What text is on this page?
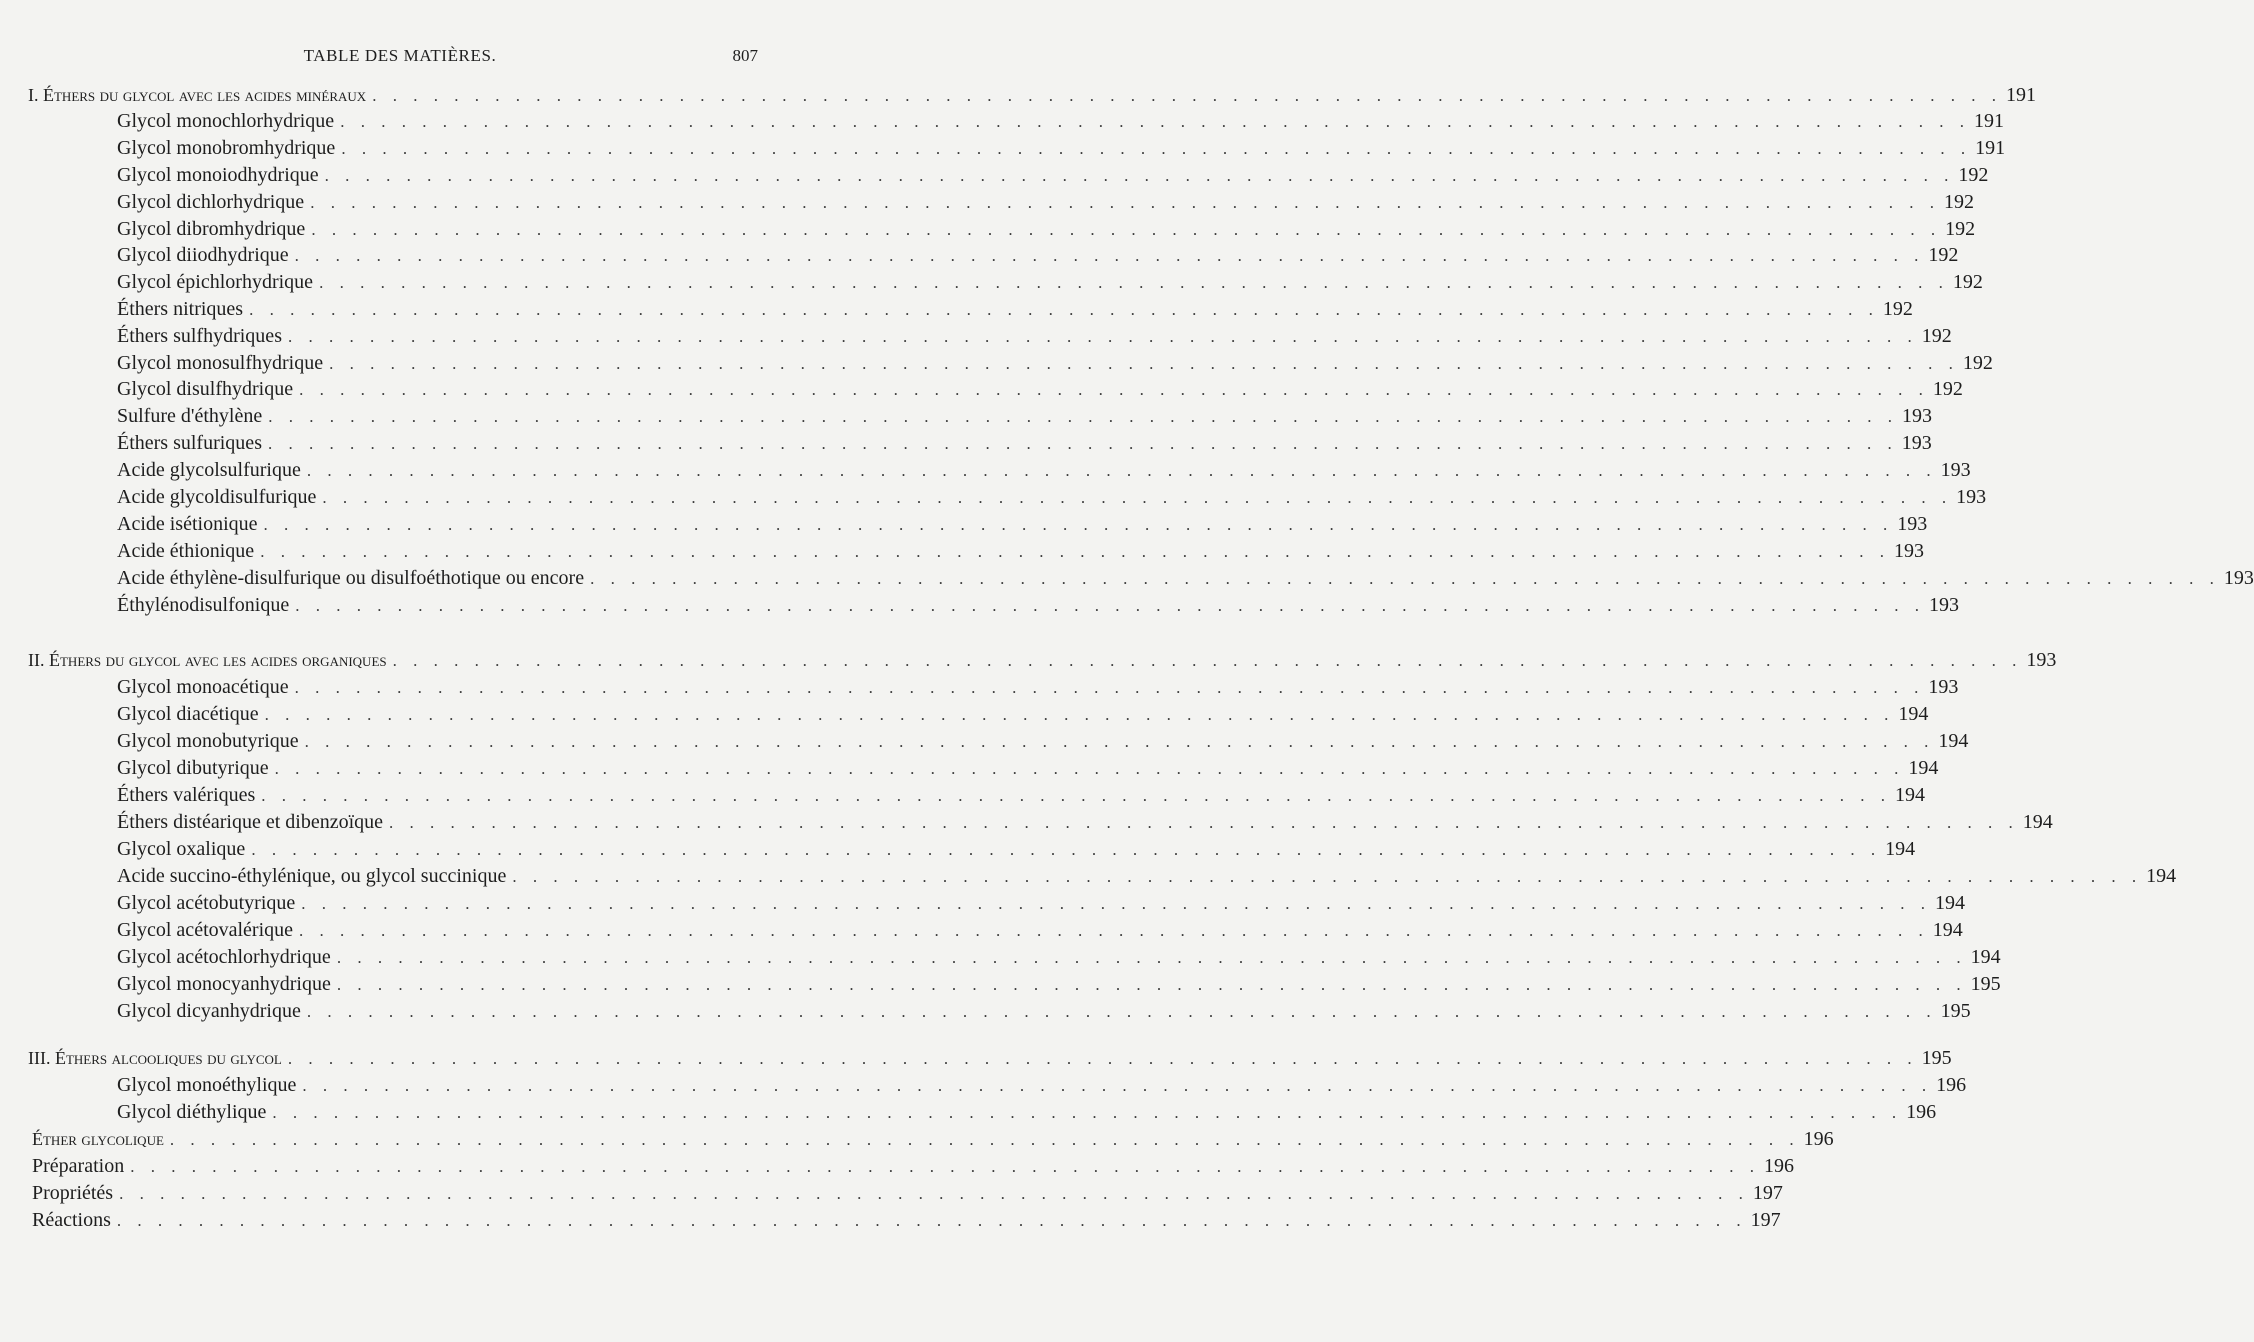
TABLE DES MATIÈRES.	807
I. Éthers du glycol avec les acides minéraux . . . . . . . . . . . . . . . . . . . . . . . . . . . . . . . . . . . . . . . . . . . . . . . . . . . . . . . . . . . . . . . . . . . . . . . . . . . . . . . . 191
Glycol monochlorhydrique . . . . . . . . . . . . . . . . . . . . . . . . . . . . . . . . . . . . . . . . . . . . . . . . . . . . . . . . . . . . . . . . . . . . . . . . . . . . . . . . 191
Glycol monobromhydrique . . . . . . . . . . . . . . . . . . . . . . . . . . . . . . . . . . . . . . . . . . . . . . . . . . . . . . . . . . . . . . . . . . . . . . . . . . . . . . . . 191
Glycol monoiodhydrique . . . . . . . . . . . . . . . . . . . . . . . . . . . . . . . . . . . . . . . . . . . . . . . . . . . . . . . . . . . . . . . . . . . . . . . . . . . . . . . . 192
Glycol dichlorhydrique . . . . . . . . . . . . . . . . . . . . . . . . . . . . . . . . . . . . . . . . . . . . . . . . . . . . . . . . . . . . . . . . . . . . . . . . . . . . . . . . 192
Glycol dibromhydrique . . . . . . . . . . . . . . . . . . . . . . . . . . . . . . . . . . . . . . . . . . . . . . . . . . . . . . . . . . . . . . . . . . . . . . . . . . . . . . . . 192
Glycol diiodhydrique . . . . . . . . . . . . . . . . . . . . . . . . . . . . . . . . . . . . . . . . . . . . . . . . . . . . . . . . . . . . . . . . . . . . . . . . . . . . . . . . 192
Glycol épichlorhydrique . . . . . . . . . . . . . . . . . . . . . . . . . . . . . . . . . . . . . . . . . . . . . . . . . . . . . . . . . . . . . . . . . . . . . . . . . . . . . . . . 192
Éthers nitriques . . . . . . . . . . . . . . . . . . . . . . . . . . . . . . . . . . . . . . . . . . . . . . . . . . . . . . . . . . . . . . . . . . . . . . . . . . . . . . . . 192
Éthers sulfhydriques . . . . . . . . . . . . . . . . . . . . . . . . . . . . . . . . . . . . . . . . . . . . . . . . . . . . . . . . . . . . . . . . . . . . . . . . . . . . . . . . 192
Glycol monosulfhydrique . . . . . . . . . . . . . . . . . . . . . . . . . . . . . . . . . . . . . . . . . . . . . . . . . . . . . . . . . . . . . . . . . . . . . . . . . . . . . . . . 192
Glycol disulfhydrique . . . . . . . . . . . . . . . . . . . . . . . . . . . . . . . . . . . . . . . . . . . . . . . . . . . . . . . . . . . . . . . . . . . . . . . . . . . . . . . . 192
Sulfure d'éthylène . . . . . . . . . . . . . . . . . . . . . . . . . . . . . . . . . . . . . . . . . . . . . . . . . . . . . . . . . . . . . . . . . . . . . . . . . . . . . . . . 193
Éthers sulfuriques . . . . . . . . . . . . . . . . . . . . . . . . . . . . . . . . . . . . . . . . . . . . . . . . . . . . . . . . . . . . . . . . . . . . . . . . . . . . . . . . 193
Acide glycolsulfurique . . . . . . . . . . . . . . . . . . . . . . . . . . . . . . . . . . . . . . . . . . . . . . . . . . . . . . . . . . . . . . . . . . . . . . . . . . . . . . . . 193
Acide glycoldisulfurique . . . . . . . . . . . . . . . . . . . . . . . . . . . . . . . . . . . . . . . . . . . . . . . . . . . . . . . . . . . . . . . . . . . . . . . . . . . . . . . . 193
Acide isétionique . . . . . . . . . . . . . . . . . . . . . . . . . . . . . . . . . . . . . . . . . . . . . . . . . . . . . . . . . . . . . . . . . . . . . . . . . . . . . . . . 193
Acide éthionique . . . . . . . . . . . . . . . . . . . . . . . . . . . . . . . . . . . . . . . . . . . . . . . . . . . . . . . . . . . . . . . . . . . . . . . . . . . . . . . . 193
Acide éthylène-disulfurique ou disulfoéthotique ou encore . . . . . . . . . . . . . . . . . . . . . . . . . . . . . . . . . . . . . . . . . . . . . . . . . . . . . . . . . . . . . . . . . . . . . . . . . . . . . . . . 193
Éthylénodisulfonique . . . . . . . . . . . . . . . . . . . . . . . . . . . . . . . . . . . . . . . . . . . . . . . . . . . . . . . . . . . . . . . . . . . . . . . . . . . . . . . . 193
II. Éthers du glycol avec les acides organiques . . . . . . . . . . . . . . . . . . . . . . . . . . . . . . . . . . . . . . . . . . . . . . . . . . . . . . . . . . . . . . . . . . . . . . . . . . . . . . . . 193
Glycol monoacétique . . . . . . . . . . . . . . . . . . . . . . . . . . . . . . . . . . . . . . . . . . . . . . . . . . . . . . . . . . . . . . . . . . . . . . . . . . . . . . . . 193
Glycol diacétique . . . . . . . . . . . . . . . . . . . . . . . . . . . . . . . . . . . . . . . . . . . . . . . . . . . . . . . . . . . . . . . . . . . . . . . . . . . . . . . . 194
Glycol monobutyrique . . . . . . . . . . . . . . . . . . . . . . . . . . . . . . . . . . . . . . . . . . . . . . . . . . . . . . . . . . . . . . . . . . . . . . . . . . . . . . . . 194
Glycol dibutyrique . . . . . . . . . . . . . . . . . . . . . . . . . . . . . . . . . . . . . . . . . . . . . . . . . . . . . . . . . . . . . . . . . . . . . . . . . . . . . . . . 194
Éthers valériques . . . . . . . . . . . . . . . . . . . . . . . . . . . . . . . . . . . . . . . . . . . . . . . . . . . . . . . . . . . . . . . . . . . . . . . . . . . . . . . . 194
Éthers distéarique et dibenzoïque . . . . . . . . . . . . . . . . . . . . . . . . . . . . . . . . . . . . . . . . . . . . . . . . . . . . . . . . . . . . . . . . . . . . . . . . . . . . . . . . 194
Glycol oxalique . . . . . . . . . . . . . . . . . . . . . . . . . . . . . . . . . . . . . . . . . . . . . . . . . . . . . . . . . . . . . . . . . . . . . . . . . . . . . . . . 194
Acide succino-éthylénique, ou glycol succinique . . . . . . . . . . . . . . . . . . . . . . . . . . . . . . . . . . . . . . . . . . . . . . . . . . . . . . . . . . . . . . . . . . . . . . . . . . . . . . . . 194
Glycol acétobutyrique . . . . . . . . . . . . . . . . . . . . . . . . . . . . . . . . . . . . . . . . . . . . . . . . . . . . . . . . . . . . . . . . . . . . . . . . . . . . . . . . 194
Glycol acétovalérique . . . . . . . . . . . . . . . . . . . . . . . . . . . . . . . . . . . . . . . . . . . . . . . . . . . . . . . . . . . . . . . . . . . . . . . . . . . . . . . . 194
Glycol acétochlorhydrique . . . . . . . . . . . . . . . . . . . . . . . . . . . . . . . . . . . . . . . . . . . . . . . . . . . . . . . . . . . . . . . . . . . . . . . . . . . . . . . . 194
Glycol monocyanhydrique . . . . . . . . . . . . . . . . . . . . . . . . . . . . . . . . . . . . . . . . . . . . . . . . . . . . . . . . . . . . . . . . . . . . . . . . . . . . . . . . 195
Glycol dicyanhydrique . . . . . . . . . . . . . . . . . . . . . . . . . . . . . . . . . . . . . . . . . . . . . . . . . . . . . . . . . . . . . . . . . . . . . . . . . . . . . . . . 195
III. Éthers alcooliques du glycol . . . . . . . . . . . . . . . . . . . . . . . . . . . . . . . . . . . . . . . . . . . . . . . . . . . . . . . . . . . . . . . . . . . . . . . . . . . . . . . . 195
Glycol monoéthylique . . . . . . . . . . . . . . . . . . . . . . . . . . . . . . . . . . . . . . . . . . . . . . . . . . . . . . . . . . . . . . . . . . . . . . . . . . . . . . . . 196
Glycol diéthylique . . . . . . . . . . . . . . . . . . . . . . . . . . . . . . . . . . . . . . . . . . . . . . . . . . . . . . . . . . . . . . . . . . . . . . . . . . . . . . . . 196
Éther glycolique . . . . . . . . . . . . . . . . . . . . . . . . . . . . . . . . . . . . . . . . . . . . . . . . . . . . . . . . . . . . . . . . . . . . . . . . . . . . . . . . 196
Préparation . . . . . . . . . . . . . . . . . . . . . . . . . . . . . . . . . . . . . . . . . . . . . . . . . . . . . . . . . . . . . . . . . . . . . . . . . . . . . . . . 196
Propriétés . . . . . . . . . . . . . . . . . . . . . . . . . . . . . . . . . . . . . . . . . . . . . . . . . . . . . . . . . . . . . . . . . . . . . . . . . . . . . . . . 197
Réactions . . . . . . . . . . . . . . . . . . . . . . . . . . . . . . . . . . . . . . . . . . . . . . . . . . . . . . . . . . . . . . . . . . . . . . . . . . . . . . . . 197
